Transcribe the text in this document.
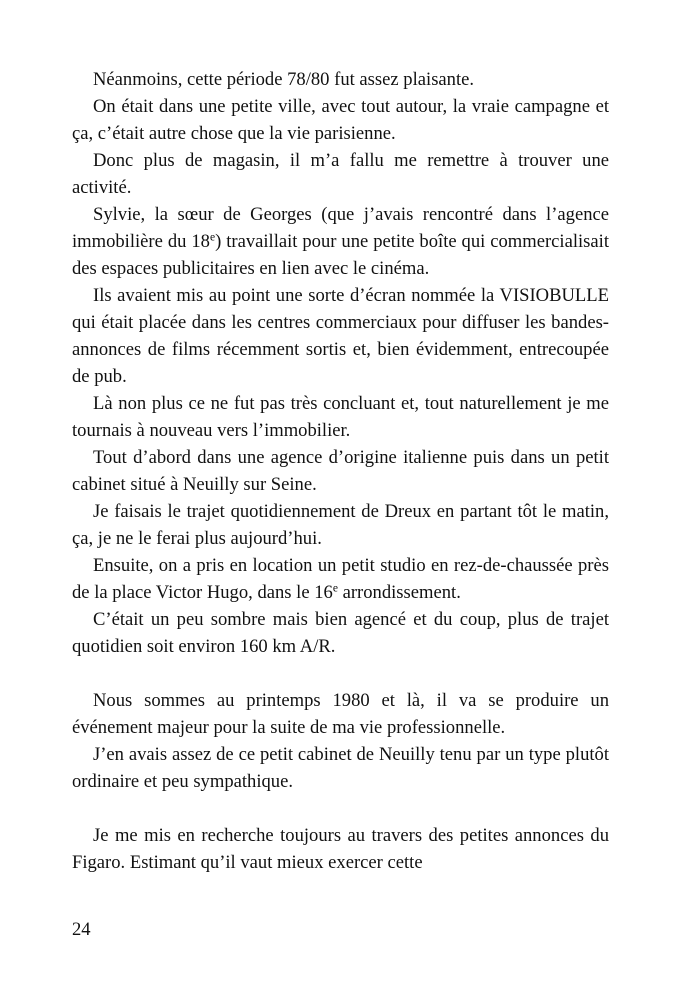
Néanmoins, cette période 78/80 fut assez plaisante.

On était dans une petite ville, avec tout autour, la vraie campagne et ça, c’était autre chose que la vie parisienne.

Donc plus de magasin, il m’a fallu me remettre à trouver une activité.

Sylvie, la sœur de Georges (que j’avais rencontré dans l’agence immobilière du 18e) travaillait pour une petite boîte qui commercialisait des espaces publicitaires en lien avec le cinéma.

Ils avaient mis au point une sorte d’écran nommée la VISIOBULLE qui était placée dans les centres commerciaux pour diffuser les bandes-annonces de films récemment sortis et, bien évidemment, entrecoupée de pub.

Là non plus ce ne fut pas très concluant et, tout naturellement je me tournais à nouveau vers l’immobilier.

Tout d’abord dans une agence d’origine italienne puis dans un petit cabinet situé à Neuilly sur Seine.

Je faisais le trajet quotidiennement de Dreux en partant tôt le matin, ça, je ne le ferai plus aujourd’hui.

Ensuite, on a pris en location un petit studio en rez-de-chaussée près de la place Victor Hugo, dans le 16e arrondissement.

C’était un peu sombre mais bien agencé et du coup, plus de trajet quotidien soit environ 160 km A/R.

Nous sommes au printemps 1980 et là, il va se produire un événement majeur pour la suite de ma vie professionnelle.

J’en avais assez de ce petit cabinet de Neuilly tenu par un type plutôt ordinaire et peu sympathique.

Je me mis en recherche toujours au travers des petites annonces du Figaro. Estimant qu’il vaut mieux exercer cette

24
